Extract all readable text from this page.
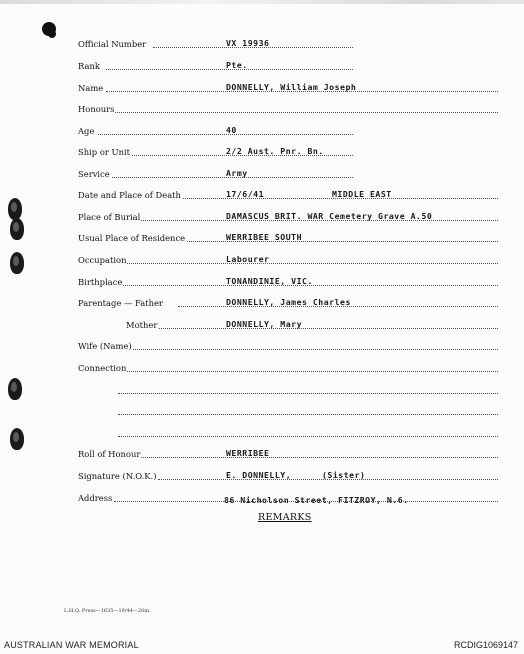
Official Number	VX 19936
Rank	Pte.
Name	DONNELLY, William Joseph
Honours
Age	40
Ship or Unit	2/2 Aust. Pnr. Bn.
Service	Army
Date and Place of Death	17/6/41	MIDDLE EAST
Place of Burial	DAMASCUS BRIT. WAR Cemetery Grave A.50
Usual Place of Residence	WERRIBEE SOUTH
Occupation	Labourer
Birthplace	TONANDINIE, VIC.
Parentage — Father	DONNELLY, James Charles
Mother	DONNELLY, Mary
Wife (Name)
Connection
Roll of Honour	WERRIBEE
Signature (N.O.K.)	E. DONNELLY,	(Sister)
Address	86 Nicholson Street, FITZROY, N.6.
REMARKS
L.H.Q. Press—1635—19/44—20m.
AUSTRALIAN WAR MEMORIAL	RCDIG1069147
